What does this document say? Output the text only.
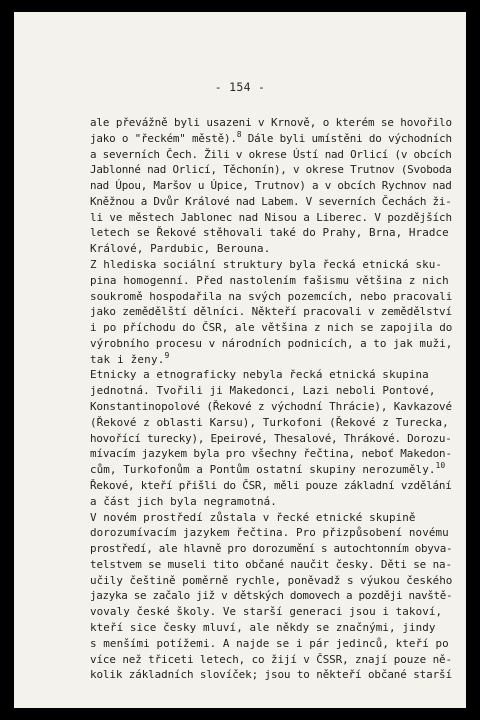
- 154 -
ale převážně byli usazeni v Krnově, o kterém se hovořilo
jako o "řeckém" městě).$^8$ Dále byli umístěni do východních
a severních Čech. Žili v okrese Ústí nad Orlicí (v obcích
Jablonné nad Orlicí, Těchonín), v okrese Trutnov (Svoboda
nad Úpou, Maršov u Úpice, Trutnov) a v obcích Rychnov nad
Kněžnou a Dvůr Králové nad Labem. V severních Čechách ži-
li ve městech Jablonec nad Nisou a Liberec. V pozdějších
letech se Řekové stěhovali také do Prahy, Brna, Hradce
Králové, Pardubic, Berouna.
Z hlediska sociální struktury byla řecká etnická sku-
pina homogenní. Před nastolením fašismu většina z nich
soukromě hospodařila na svých pozemcích, nebo pracovali
jako zemědělští dělníci. Někteří pracovali v zemědělství
i po příchodu do ČSR, ale většina z nich se zapojila do
výrobního procesu v národních podnicích, a to jak muži,
tak i ženy.$^9$
Etnicky a etnograficky nebyla řecká etnická skupina
jednotná. Tvořili ji Makedonci, Lazi neboli Pontové,
Konstantinopolové (Řekové z východní Thrácie), Kavkazové
(Řekové z oblasti Karsu), Turkofoni (Řekové z Turecka,
hovořící turecky), Epeirové, Thesalové, Thrákové. Dorozu-
mívacím jazykem byla pro všechny řečtina, neboť Makedon-
cům, Turkofonům a Pontům ostatní skupiny nerozuměly.$^{10}$
Řekové, kteří přišli do ČSR, měli pouze základní vzdělání
a část jich byla negramotná.
V novém prostředí zůstala v řecké etnické skupině
dorozumívacím jazykem řečtina. Pro přizpůsobení novému
prostředí, ale hlavně pro dorozumění s autochtonním obyva-
telstvem se museli tito občané naučit česky. Děti se na-
učily češtině poměrně rychle, poněvadž s výukou českého
jazyka se začalo již v dětských domovech a později navště-
vovaly české školy. Ve starší generaci jsou i takoví,
kteří sice česky mluví, ale někdy se značnými, jindy
s menšími potížemi. A najde se i pár jedinců, kteří po
více než třiceti letech, co žijí v ČSSR, znají pouze ně-
kolik základních slovíček; jsou to někteří občané starší
